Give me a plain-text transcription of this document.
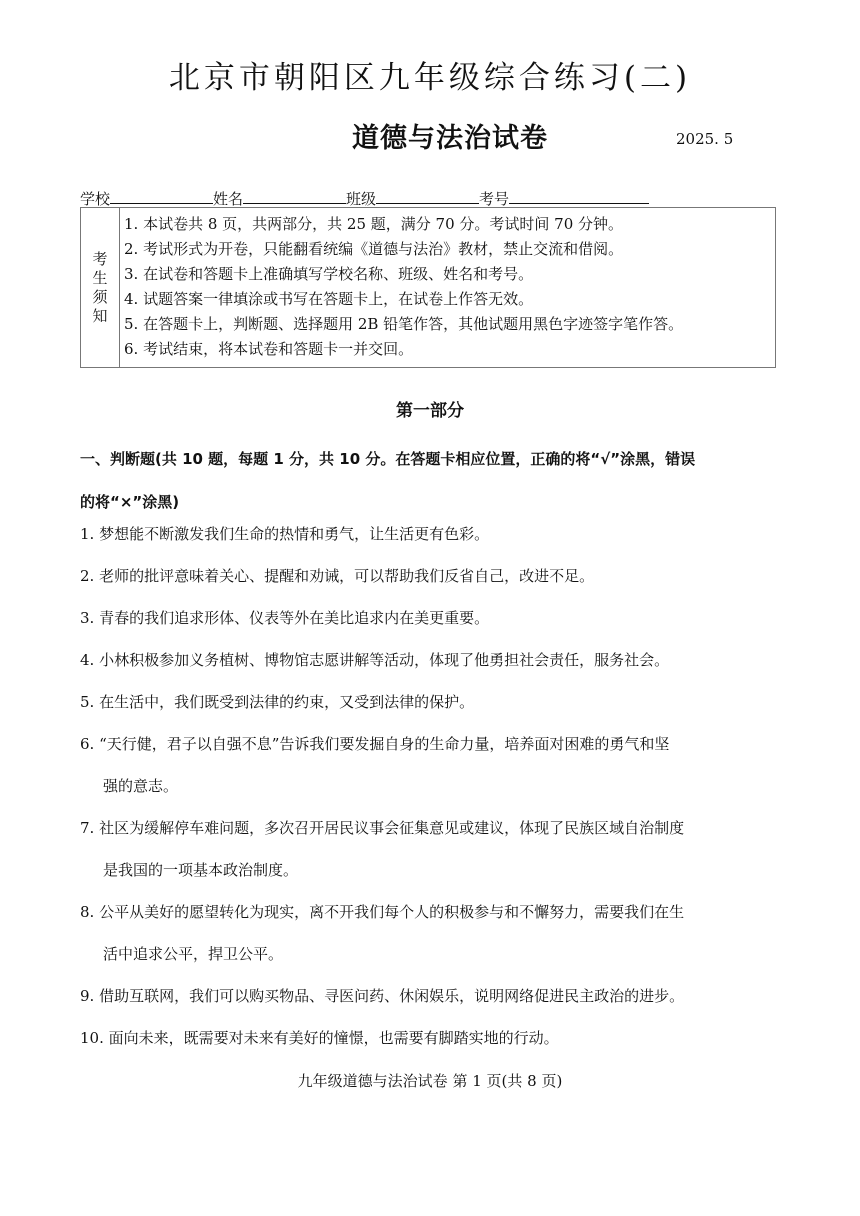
北京市朝阳区九年级综合练习(二)
道德与法治试卷	2025. 5
学校	姓名	班级	考号
考
生
须
知
1. 本试卷共 8 页，共两部分，共 25 题，满分 70 分。考试时间 70 分钟。
2. 考试形式为开卷，只能翻看统编《道德与法治》教材，禁止交流和借阅。
3. 在试卷和答题卡上准确填写学校名称、班级、姓名和考号。
4. 试题答案一律填涂或书写在答题卡上，在试卷上作答无效。
5. 在答题卡上，判断题、选择题用 2B 铅笔作答，其他试题用黑色字迹签字笔作答。
6. 考试结束，将本试卷和答题卡一并交回。
第一部分
一、判断题(共 10 题，每题 1 分，共 10 分。在答题卡相应位置，正确的将“√”涂黑，错误
的将“×”涂黑)
1. 梦想能不断激发我们生命的热情和勇气，让生活更有色彩。
2. 老师的批评意味着关心、提醒和劝诫，可以帮助我们反省自己，改进不足。
3. 青春的我们追求形体、仪表等外在美比追求内在美更重要。
4. 小林积极参加义务植树、博物馆志愿讲解等活动，体现了他勇担社会责任，服务社会。
5. 在生活中，我们既受到法律的约束，又受到法律的保护。
6. “天行健，君子以自强不息”告诉我们要发掘自身的生命力量，培养面对困难的勇气和坚
强的意志。
7. 社区为缓解停车难问题，多次召开居民议事会征集意见或建议，体现了民族区域自治制度
是我国的一项基本政治制度。
8. 公平从美好的愿望转化为现实，离不开我们每个人的积极参与和不懈努力，需要我们在生
活中追求公平，捍卫公平。
9. 借助互联网，我们可以购买物品、寻医问药、休闲娱乐，说明网络促进民主政治的进步。
10. 面向未来，既需要对未来有美好的憧憬，也需要有脚踏实地的行动。
九年级道德与法治试卷 第 1 页(共 8 页)
